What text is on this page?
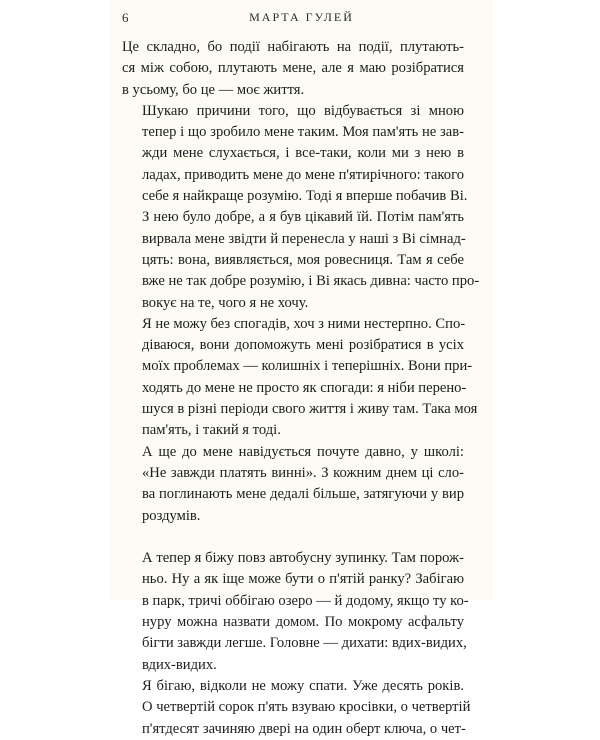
6	МАРТА ГУЛЕЙ
Це складно, бо події набігають на події, плутають-
ся між собою, плутають мене, але я маю розібратися
в усьому, бо це — моє життя.
Шукаю причини того, що відбувається зі мною
тепер і що зробило мене таким. Моя пам'ять не зав-
жди мене слухається, і все-таки, коли ми з нею в
ладах, приводить мене до мене п'ятирічного: такого
себе я найкраще розумію. Тоді я вперше побачив Ві.
З нею було добре, а я був цікавий їй. Потім пам'ять
вирвала мене звідти й перенесла у наші з Ві сімнад-
цять: вона, виявляється, моя ровесниця. Там я себе
вже не так добре розумію, і Ві якась дивна: часто про-
вокує на те, чого я не хочу.
Я не можу без спогадів, хоч з ними нестерпно. Спо-
діваюся, вони допоможуть мені розібратися в усіх
моїх проблемах — колишніх і теперішніх. Вони при-
ходять до мене не просто як спогади: я ніби перено-
шуся в різні періоди свого життя і живу там. Така моя
пам'ять, і такий я тоді.
А ще до мене навідується почуте давно, у школі:
«Не завжди платять винні». З кожним днем ці сло-
ва поглинають мене дедалі більше, затягуючи у вир
роздумів.
А тепер я біжу повз автобусну зупинку. Там порож-
ньо. Ну а як іще може бути о п'ятій ранку? Забігаю
в парк, тричі оббігаю озеро — й додому, якщо ту ко-
нуру можна назвати домом. По мокрому асфальту
бігти завжди легше. Головне — дихати: вдих-видих,
вдих-видих.
Я бігаю, відколи не можу спати. Уже десять років.
О четвертій сорок п'ять взуваю кросівки, о четвертій
п'ятдесят зачиняю двері на один оберт ключа, о чет-
